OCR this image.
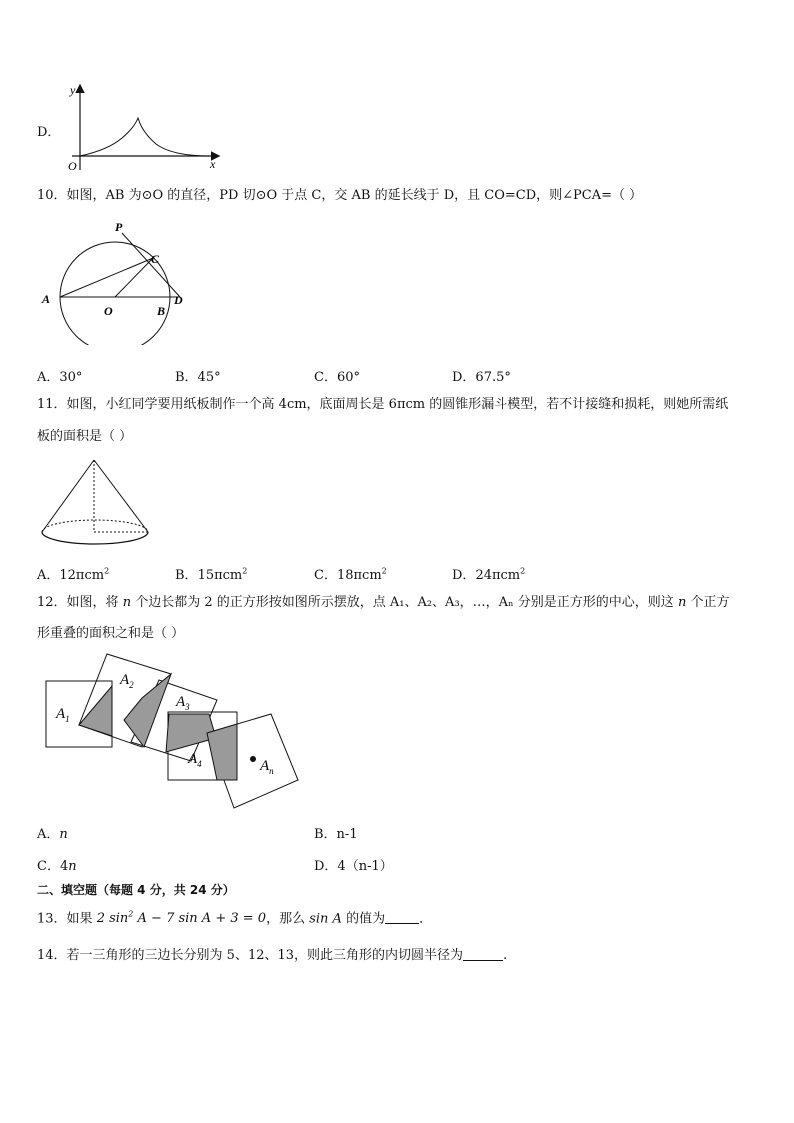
D．
y
x
O
10．如图，AB 为⊙O 的直径，PD 切⊙O 于点 C，交 AB 的延长线于 D，且 CO=CD，则∠PCA=（ ）
P
C
A
O	B
D
A．30°	B．45°	C．60°	D．67.5°
11．如图，小红同学要用纸板制作一个高 4cm，底面周长是 6πcm 的圆锥形漏斗模型，若不计接缝和损耗，则她所需纸
板的面积是（ ）
A．12πcm$^2$	B．15πcm$^2$	C．18πcm$^2$	D．24πcm$^2$
12．如图，将 n 个边长都为 2 的正方形按如图所示摆放，点 A₁、A₂、A₃，…，Aₙ 分别是正方形的中心，则这 n 个正方
形重叠的面积之和是（ ）
$A_1$
$A_2$
$A_3$
$A_4$	$A_n$
A．n	B．n-1
C．4n	D．4（n-1）
二、填空题（每题 4 分，共 24 分）
13．如果 2 $\sin^2 A - 7$ sin A + 3 = 0，那么 sin A 的值为	．
14．若一三角形的三边长分别为 5、12、13，则此三角形的内切圆半径为	.
